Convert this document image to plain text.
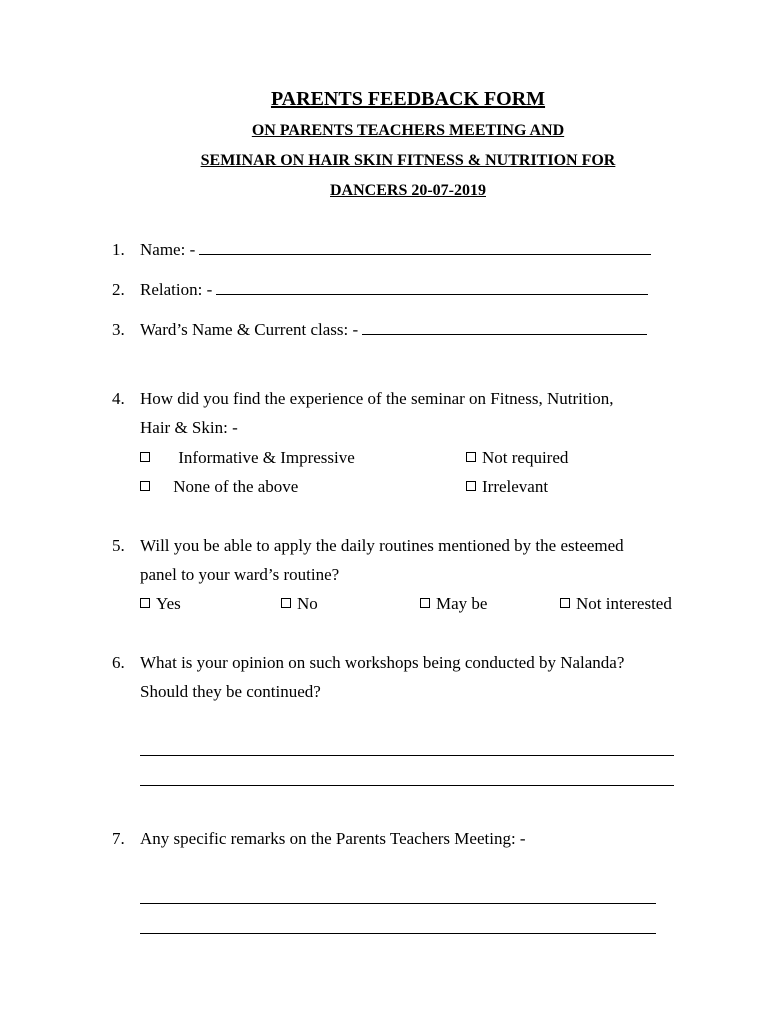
PARENTS FEEDBACK FORM
ON PARENTS TEACHERS MEETING AND
SEMINAR ON HAIR SKIN FITNESS & NUTRITION FOR
DANCERS 20-07-2019
1. Name: -
2. Relation: -
3. Ward’s Name & Current class: -
4. How did you find the experience of the seminar on Fitness, Nutrition,
Hair & Skin: -
Informative & Impressive	Not required
None of the above	Irrelevant
5. Will you be able to apply the daily routines mentioned by the esteemed
panel to your ward’s routine?
Yes	No	May be	Not interested
6. What is your opinion on such workshops being conducted by Nalanda?
Should they be continued?
7. Any specific remarks on the Parents Teachers Meeting: -
